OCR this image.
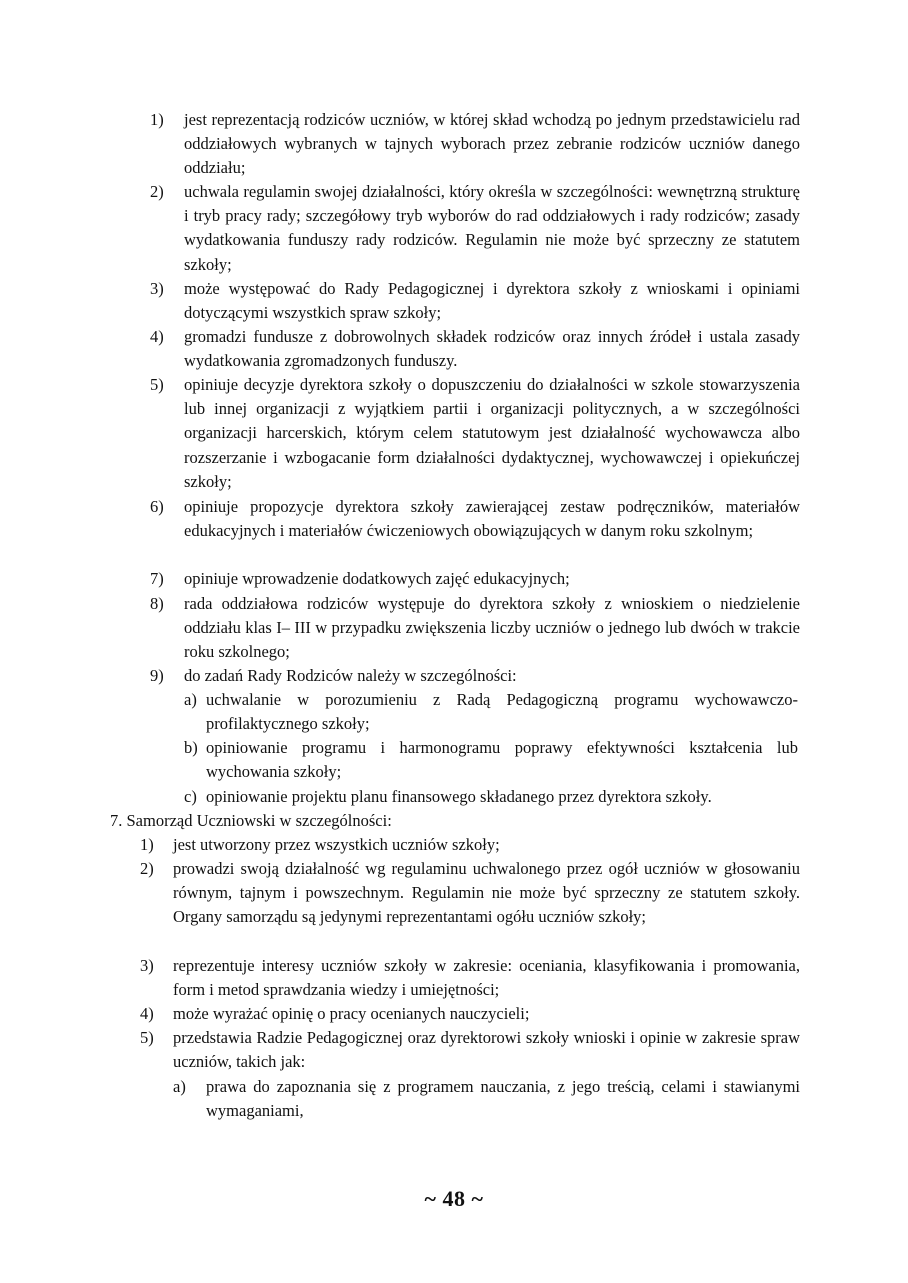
1) jest reprezentacją rodziców uczniów, w której skład wchodzą po jednym przedstawicielu rad oddziałowych wybranych w tajnych wyborach przez zebranie rodziców uczniów danego oddziału;
2) uchwala regulamin swojej działalności, który określa w szczególności: wewnętrzną strukturę i tryb pracy rady; szczegółowy tryb wyborów do rad oddziałowych i rady rodziców; zasady wydatkowania funduszy rady rodziców. Regulamin nie może być sprzeczny ze statutem szkoły;
3) może występować do Rady Pedagogicznej i dyrektora szkoły z wnioskami i opiniami dotyczącymi wszystkich spraw szkoły;
4) gromadzi fundusze z dobrowolnych składek rodziców oraz innych źródeł i ustala zasady wydatkowania zgromadzonych funduszy.
5) opiniuje decyzje dyrektora szkoły o dopuszczeniu do działalności w szkole stowarzyszenia lub innej organizacji z wyjątkiem partii i organizacji politycznych, a w szczególności organizacji harcerskich, którym celem statutowym jest działalność wychowawcza albo rozszerzanie i wzbogacanie form działalności dydaktycznej, wychowawczej i opiekuńczej szkoły;
6) opiniuje propozycje dyrektora szkoły zawierającej zestaw podręczników, materiałów edukacyjnych i materiałów ćwiczeniowych obowiązujących w danym roku szkolnym;
7) opiniuje wprowadzenie dodatkowych zajęć edukacyjnych;
8) rada oddziałowa rodziców występuje do dyrektora szkoły z wnioskiem o niedzielenie oddziału klas I– III w przypadku zwiększenia liczby uczniów o jednego lub dwóch w trakcie roku szkolnego;
9) do zadań Rady Rodziców należy w szczególności:
a) uchwalanie w porozumieniu z Radą Pedagogiczną programu wychowawczo-profilaktycznego szkoły;
b) opiniowanie programu i harmonogramu poprawy efektywności kształcenia lub wychowania szkoły;
c) opiniowanie projektu planu finansowego składanego przez dyrektora szkoły.
7. Samorząd Uczniowski w szczególności:
1) jest utworzony przez wszystkich uczniów szkoły;
2) prowadzi swoją działalność wg regulaminu uchwalonego przez ogół uczniów w głosowaniu równym, tajnym i powszechnym. Regulamin nie może być sprzeczny ze statutem szkoły. Organy samorządu są jedynymi reprezentantami ogółu uczniów szkoły;
3) reprezentuje interesy uczniów szkoły w zakresie: oceniania, klasyfikowania i promowania, form i metod sprawdzania wiedzy i umiejętności;
4) może wyrażać opinię o pracy ocenianych nauczycieli;
5) przedstawia Radzie Pedagogicznej oraz dyrektorowi szkoły wnioski i opinie w zakresie spraw uczniów, takich jak:
a) prawa do zapoznania się z programem nauczania, z jego treścią, celami i stawianymi wymaganiami,
~ 48 ~
